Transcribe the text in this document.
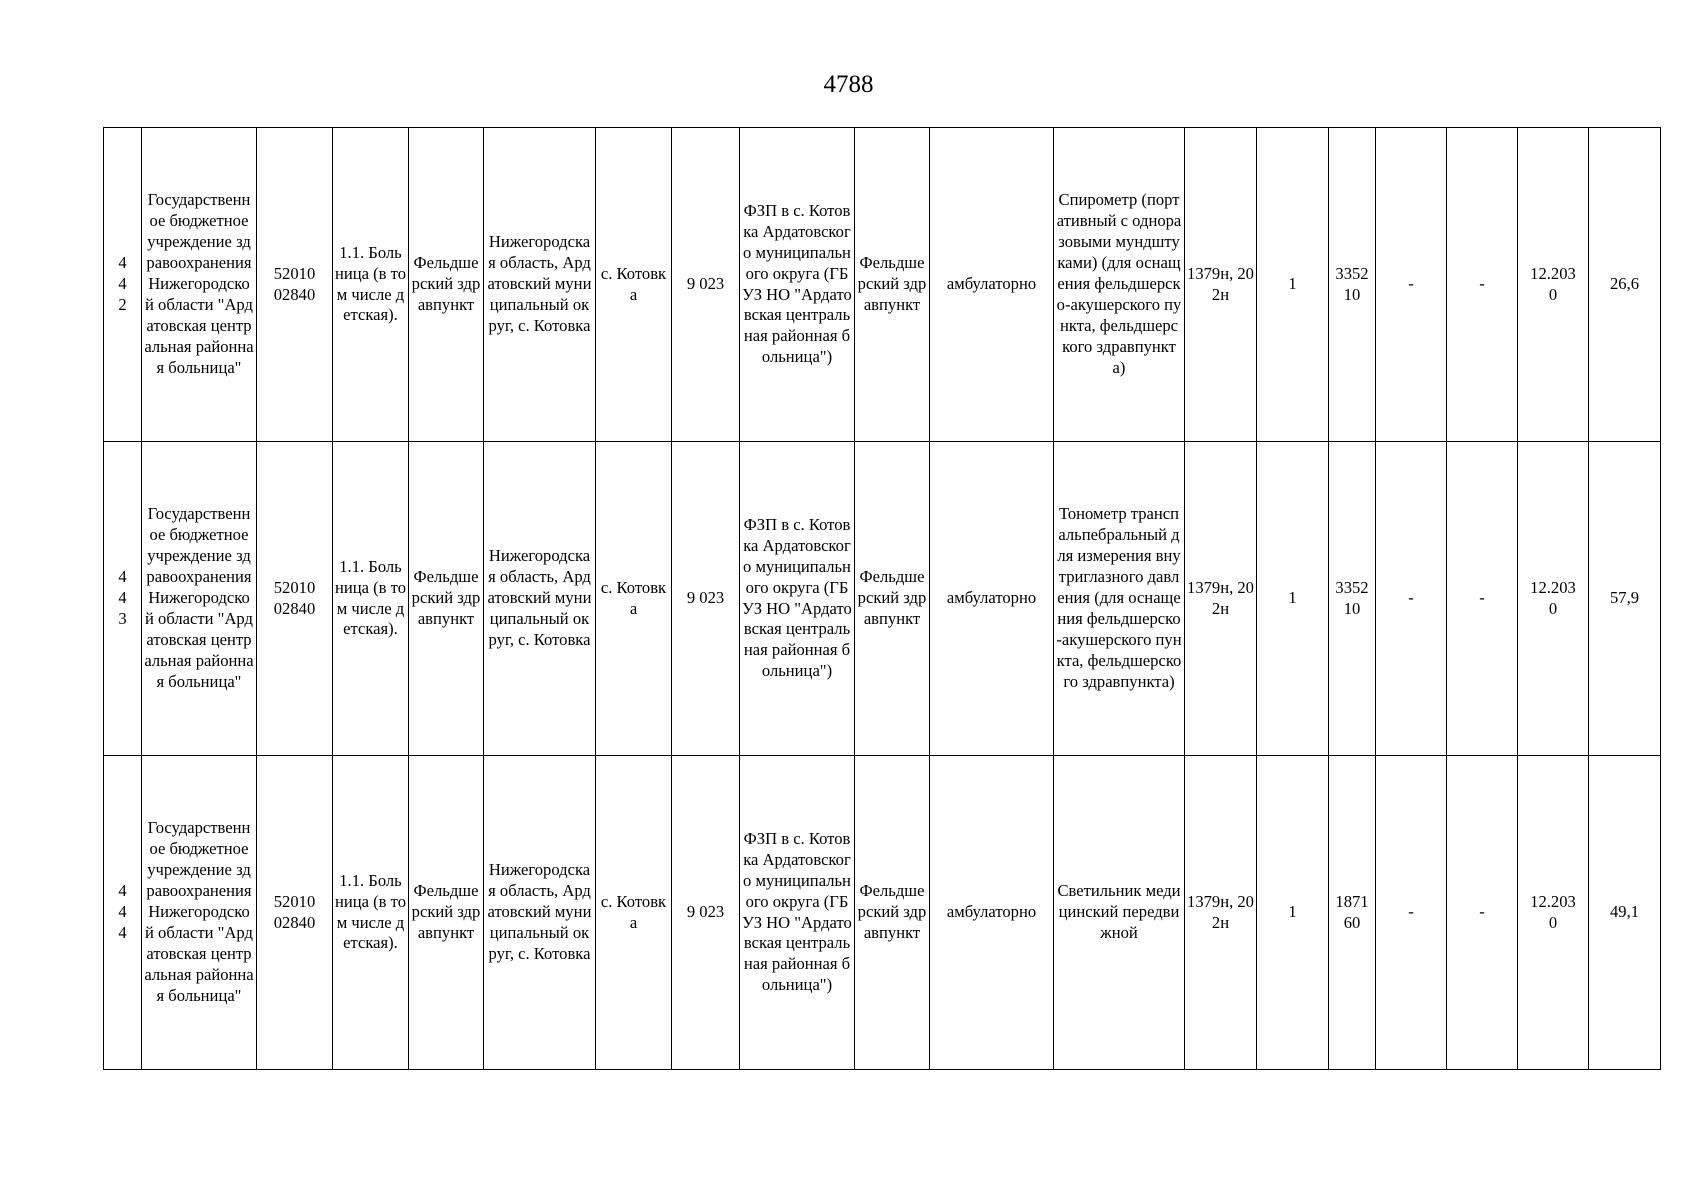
4788
442	Государственное бюджетное учреждение здравоохранения Нижегородской области "Ардатовская центральная районная больница"	5201002840	1.1. Больница (в том числе детская).	Фельдшерский здравпункт	Нижегородская область, Ардатовский муниципальный округ, с. Котовка	с. Котовка	9 023	ФЗП в с. Котовка Ардатовского муниципального округа (ГБУЗ НО "Ардатовская центральная районная больница")	Фельдшерский здравпункт	амбулаторно	Спирометр (портативный с одноразовыми мундштуками) (для оснащения фельдшерско-акушерского пункта, фельдшерского здравпункта)	1379н, 202н	1	335210	-	-	12.2030	26,6
443	Государственное бюджетное учреждение здравоохранения Нижегородской области "Ардатовская центральная районная больница"	5201002840	1.1. Больница (в том числе детская).	Фельдшерский здравпункт	Нижегородская область, Ардатовский муниципальный округ, с. Котовка	с. Котовка	9 023	ФЗП в с. Котовка Ардатовского муниципального округа (ГБУЗ НО "Ардатовская центральная районная больница")	Фельдшерский здравпункт	амбулаторно	Тонометр транспальпебральный для измерения внутриглазного давления (для оснащения фельдшерско-акушерского пункта, фельдшерского здравпункта)	1379н, 202н	1	335210	-	-	12.2030	57,9
444	Государственное бюджетное учреждение здравоохранения Нижегородской области "Ардатовская центральная районная больница"	5201002840	1.1. Больница (в том числе детская).	Фельдшерский здравпункт	Нижегородская область, Ардатовский муниципальный округ, с. Котовка	с. Котовка	9 023	ФЗП в с. Котовка Ардатовского муниципального округа (ГБУЗ НО "Ардатовская центральная районная больница")	Фельдшерский здравпункт	амбулаторно	Светильник медицинский передвижной	1379н, 202н	1	187160	-	-	12.2030	49,1
